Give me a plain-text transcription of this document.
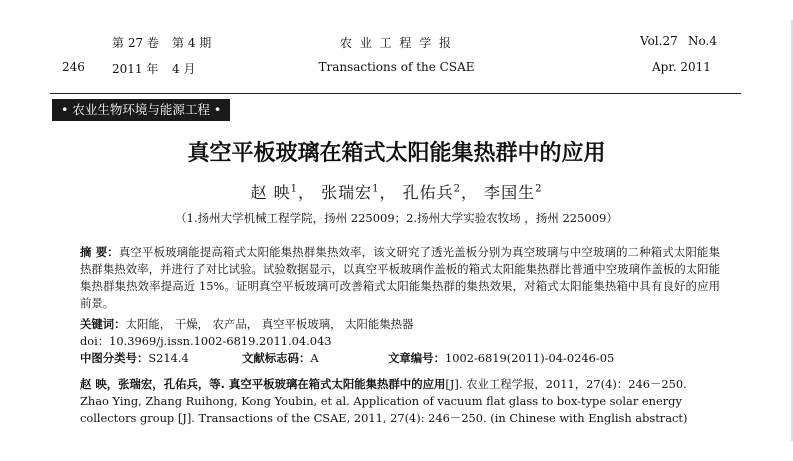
246
第 27 卷 第 4 期
2011 年 4 月
农 业 工 程 学 报
Transactions of the CSAE
Vol.27 No.4
Apr. 2011
• 农业生物环境与能源工程 •
真空平板玻璃在箱式太阳能集热群中的应用
赵 映$^1$， 张瑞宏$^1$， 孔佑兵$^2$， 李国生$^2$
（1.扬州大学机械工程学院，扬州 225009；2.扬州大学实验农牧场 ，扬州 225009）
摘 要：真空平板玻璃能提高箱式太阳能集热群集热效率，该文研究了透光盖板分别为真空玻璃与中空玻璃的二种箱式太阳能集热群集热效率，并进行了对比试验。试验数据显示，以真空平板玻璃作盖板的箱式太阳能集热群比普通中空玻璃作盖板的太阳能集热群集热效率提高近 15%。证明真空平板玻璃可改善箱式太阳能集热群的集热效果，对箱式太阳能集热箱中具有良好的应用前景。
关键词：太阳能， 干燥， 农产品， 真空平板玻璃， 太阳能集热器
doi：10.3969/j.issn.1002-6819.2011.04.043
中图分类号：S214.4	文献标志码：A	文章编号：1002-6819(2011)-04-0246-05
赵 映，张瑞宏，孔佑兵，等. 真空平板玻璃在箱式太阳能集热群中的应用[J]. 农业工程学报，2011，27(4)：246－250.
Zhao Ying, Zhang Ruihong, Kong Youbin, et al. Application of vacuum flat glass to box-type solar energy collectors group [J]. Transactions of the CSAE, 2011, 27(4): 246－250. (in Chinese with English abstract)
